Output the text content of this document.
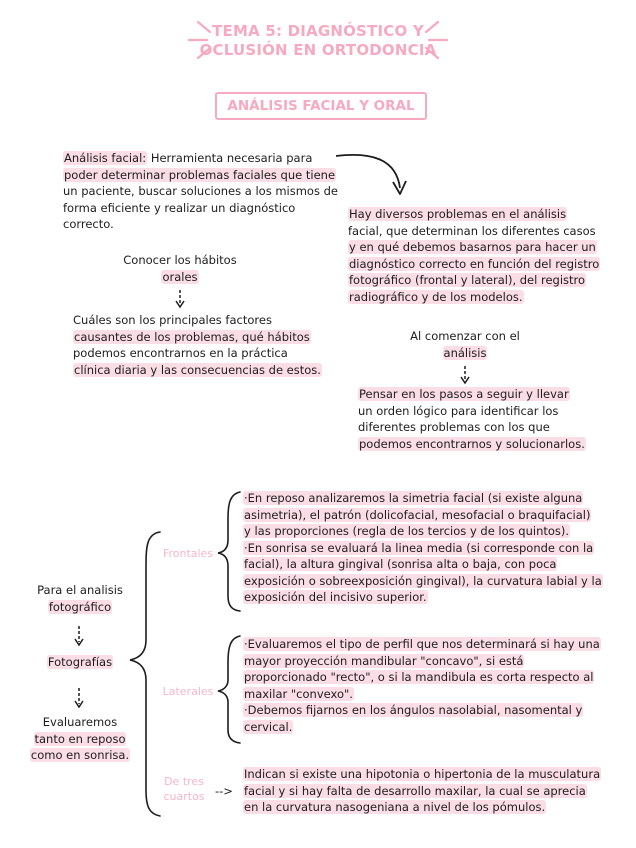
TEMA 5: DIAGNÓSTICO Y
OCLUSIÓN EN ORTODONCIA
ANÁLISIS FACIAL Y ORAL
Análisis facial: Herramienta necesaria para
poder determinar problemas faciales que tiene

un paciente, buscar soluciones a los mismos de
forma eficiente y realizar un diagnóstico
correcto.
Hay diversos problemas en el análisis
facial, que determinan los diferentes casos
y en qué debemos basarnos para hacer un
diagnóstico correcto en función del registro
fotográfico (frontal y lateral), del registro
radiográfico y de los modelos.
Conocer los hábitos
orales
Cuáles son los principales factores
causantes de los problemas, qué hábitos
podemos encontrarnos en la práctica
clínica diaria y las consecuencias de estos.
Al comenzar con el
análisis
Pensar en los pasos a seguir y llevar
un orden lógico para identificar los
diferentes problemas con los que
podemos encontrarnos y solucionarlos.
Para el analisis
fotográfico
Fotografías
Evaluaremos
tanto en reposo
como en sonrisa.
Frontales
·En reposo analizaremos la simetria facial (si existe alguna
asimetria), el patrón (dolicofacial, mesofacial o braquifacial)
y las proporciones (regla de los tercios y de los quintos).
·En sonrisa se evaluará la linea media (si corresponde con la
facial), la altura gingival (sonrisa alta o baja, con poca
exposición o sobreexposición gingival), la curvatura labial y la
exposición del incisivo superior.
Laterales
·Evaluaremos el tipo de perfil que nos determinará si hay una
mayor proyección mandibular "concavo", si está
proporcionado "recto", o si la mandibula es corta respecto al
maxilar "convexo".
·Debemos fijarnos en los ángulos nasolabial, nasomental y
cervical.
De tres
cuartos -->
Indican si existe una hipotonia o hipertonia de la musculatura
facial y si hay falta de desarrollo maxilar, la cual se aprecia
en la curvatura nasogeniana a nivel de los pómulos.
